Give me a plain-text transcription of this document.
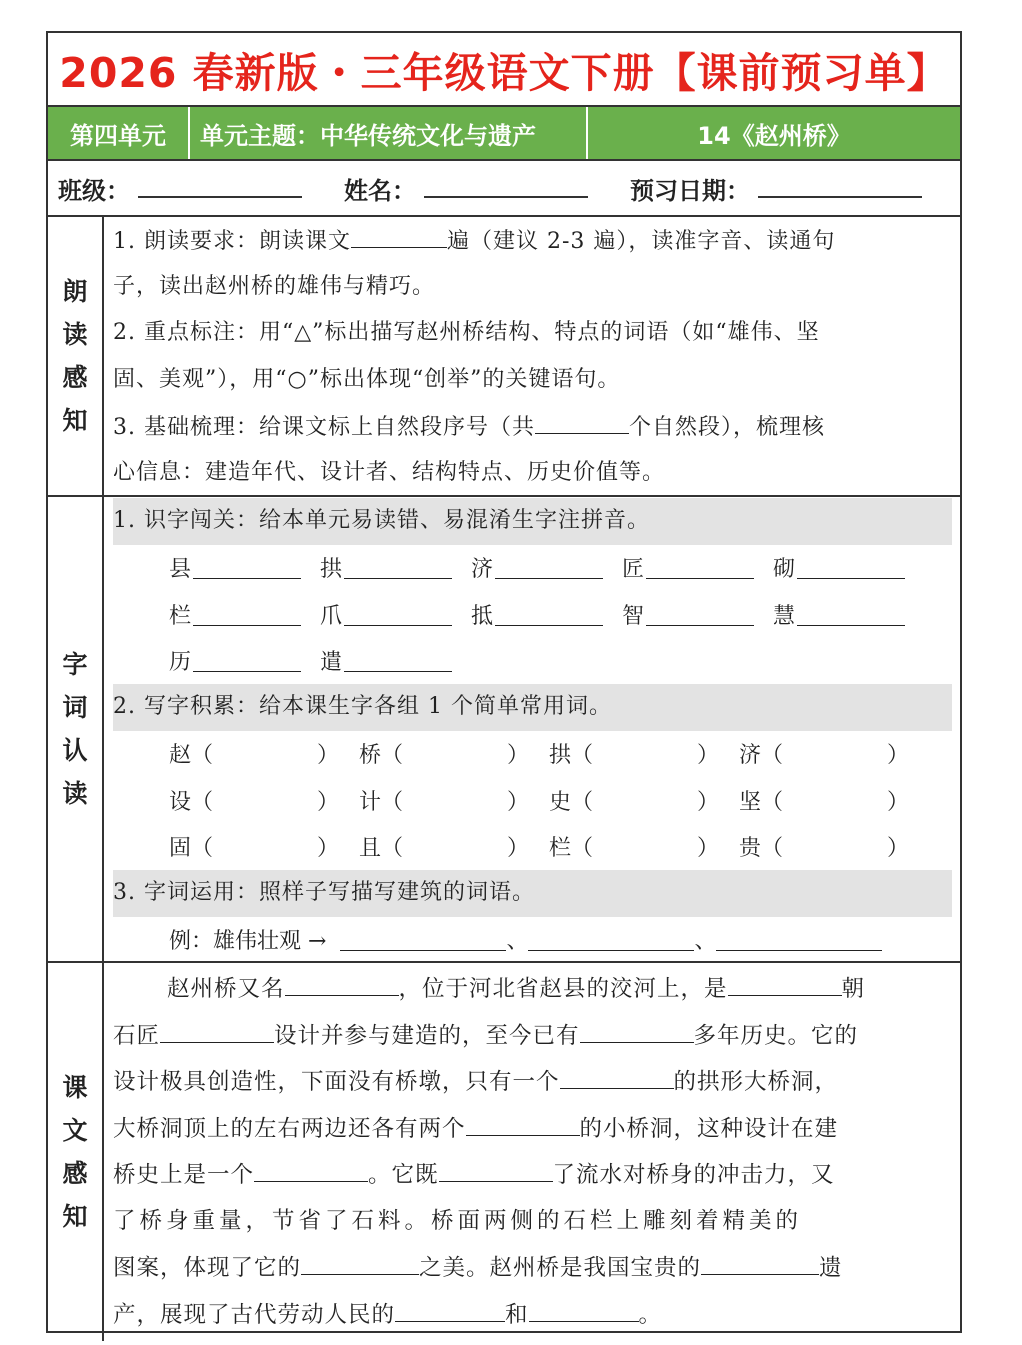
2026 春新版・三年级语文下册【课前预习单】
第四单元	单元主题：中华传统文化与遗产	14《赵州桥》
班级：	姓名：	预习日期：
朗
读
感
知
1. 朗读要求：朗读课文	遍（建议 2-3 遍），读准字音、读通句
子，读出赵州桥的雄伟与精巧。
2. 重点标注：用“△”标出描写赵州桥结构、特点的词语（如“雄伟、坚
固、美观”），用“○”标出体现“创举”的关键语句。
3. 基础梳理：给课文标上自然段序号（共	个自然段），梳理核
心信息：建造年代、设计者、结构特点、历史价值等。
字
词
认
读
1. 识字闯关：给本单元易读错、易混淆生字注拼音。
县	拱	济	匠	砌
栏	爪	抵	智	慧
历	遣
2. 写字积累：给本课生字各组 1 个简单常用词。
赵（	） 桥（	） 拱（	） 济（	）
设（	） 计（	） 史（	） 坚（	）
固（	） 且（	） 栏（	） 贵（	）
3. 字词运用：照样子写描写建筑的词语。
例：雄伟壮观 →	、	、
课
文
感
知
赵州桥又名	，位于河北省赵县的洨河上，是	朝
石匠	设计并参与建造的，至今已有	多年历史。它的
设计极具创造性，下面没有桥墩，只有一个	的拱形大桥洞，
大桥洞顶上的左右两边还各有两个	的小桥洞，这种设计在建
桥史上是一个	。它既	了流水对桥身的冲击力，又
了桥身重量，节省了石料。桥面两侧的石栏上雕刻着精美的
图案，体现了它的	之美。赵州桥是我国宝贵的	遗
产，展现了古代劳动人民的	和	。
